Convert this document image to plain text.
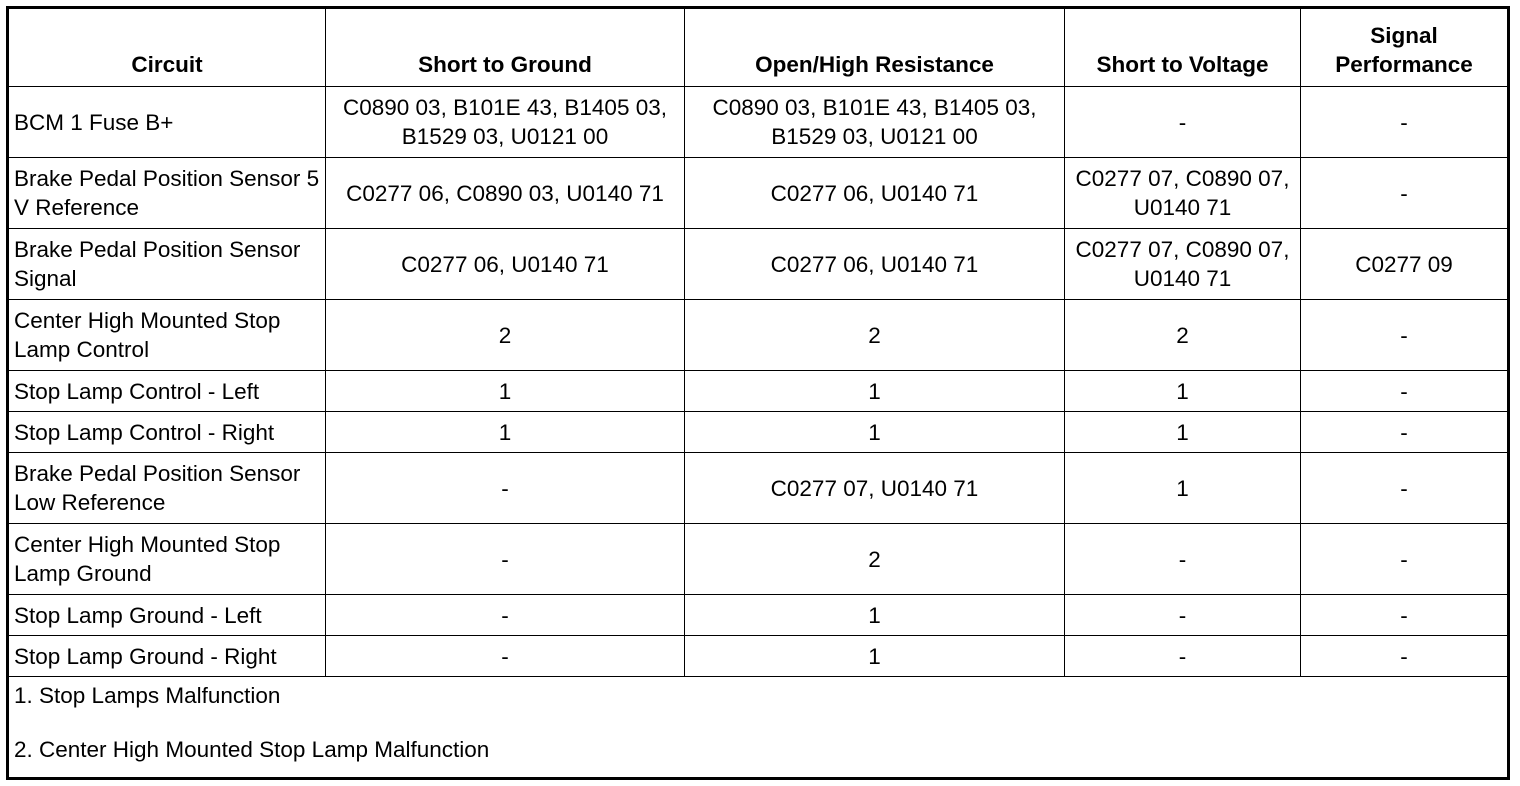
Circuit	Short to Ground	Open/High Resistance	Short to Voltage	Signal Performance
BCM 1 Fuse B+	C0890 03, B101E 43, B1405 03, B1529 03, U0121 00	C0890 03, B101E 43, B1405 03, B1529 03, U0121 00	-	-
Brake Pedal Position Sensor 5 V Reference	C0277 06, C0890 03, U0140 71	C0277 06, U0140 71	C0277 07, C0890 07, U0140 71	-
Brake Pedal Position Sensor Signal	C0277 06, U0140 71	C0277 06, U0140 71	C0277 07, C0890 07, U0140 71	C0277 09
Center High Mounted Stop Lamp Control	2	2	2	-
Stop Lamp Control - Left	1	1	1	-
Stop Lamp Control - Right	1	1	1	-
Brake Pedal Position Sensor Low Reference	-	C0277 07, U0140 71	1	-
Center High Mounted Stop Lamp Ground	-	2	-	-
Stop Lamp Ground - Left	-	1	-	-
Stop Lamp Ground - Right	-	1	-	-

1. Stop Lamps Malfunction
2. Center High Mounted Stop Lamp Malfunction				
